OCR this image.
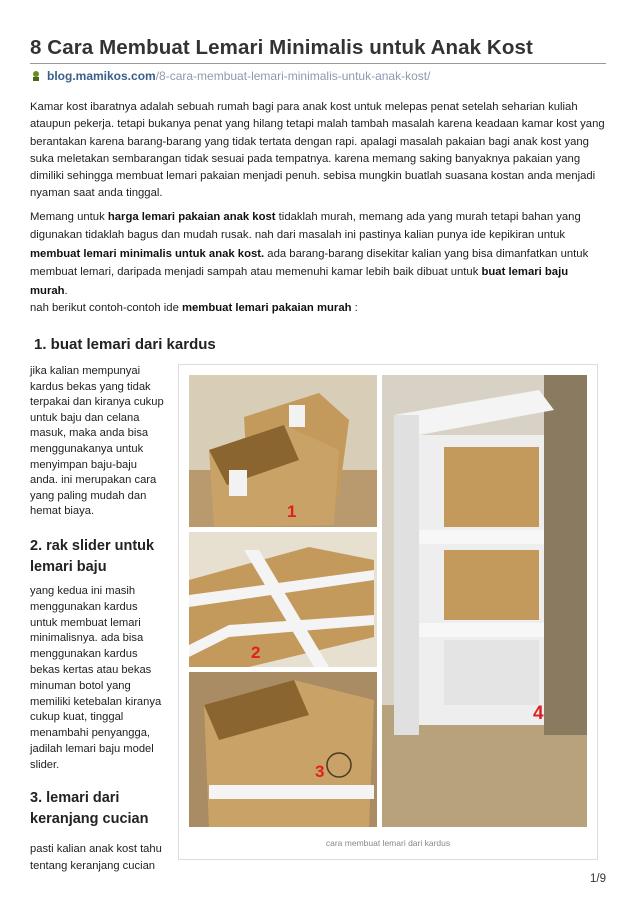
8 Cara Membuat Lemari Minimalis untuk Anak Kost
blog.mamikos.com /8-cara-membuat-lemari-minimalis-untuk-anak-kost/

Kamar kost ibaratnya adalah sebuah rumah bagi para anak kost untuk melepas penat setelah seharian kuliah ataupun pekerja. tetapi bukanya penat yang hilang tetapi malah tambah masalah karena keadaan kamar kost yang berantakan karena barang-barang yang tidak tertata dengan rapi. apalagi masalah pakaian bagi anak kost yang suka meletakan sembarangan tidak sesuai pada tempatnya. karena memang saking banyaknya pakaian yang dimiliki sehingga membuat lemari pakaian menjadi penuh. sebisa mungkin buatlah suasana kostan anda menjadi nyaman saat anda tinggal.

Memang untuk harga lemari pakaian anak kost tidaklah murah, memang ada yang murah tetapi bahan yang digunakan tidaklah bagus dan mudah rusak. nah dari masalah ini pastinya kalian punya ide kepikiran untuk membuat lemari minimalis untuk anak kost. ada barang-barang disekitar kalian yang bisa dimanfatkan untuk membuat lemari, daripada menjadi sampah atau memenuhi kamar lebih baik dibuat untuk buat lemari baju murah.

nah berikut contoh-contoh ide membuat lemari pakaian murah :

1. buat lemari dari kardus

jika kalian mempunyai kardus bekas yang tidak terpakai dan kiranya cukup untuk baju dan celana masuk, maka anda bisa menggunakanya untuk menyimpan baju-baju anda. ini merupakan cara yang paling mudah dan hemat biaya.

2. rak slider untuk lemari baju

yang kedua ini masih menggunakan kardus untuk membuat lemari minimalisnya. ada bisa menggunakan kardus bekas kertas atau bekas minuman botol yang memiliki ketebalan kiranya cukup kuat, tinggal menambahi penyangga, jadilah lemari baju model slider.

3. lemari dari keranjang cucian

pasti kalian anak kost tahu tentang keranjang cucian

1
2
3
4
cara membuat lemari dari kardus
1/9
